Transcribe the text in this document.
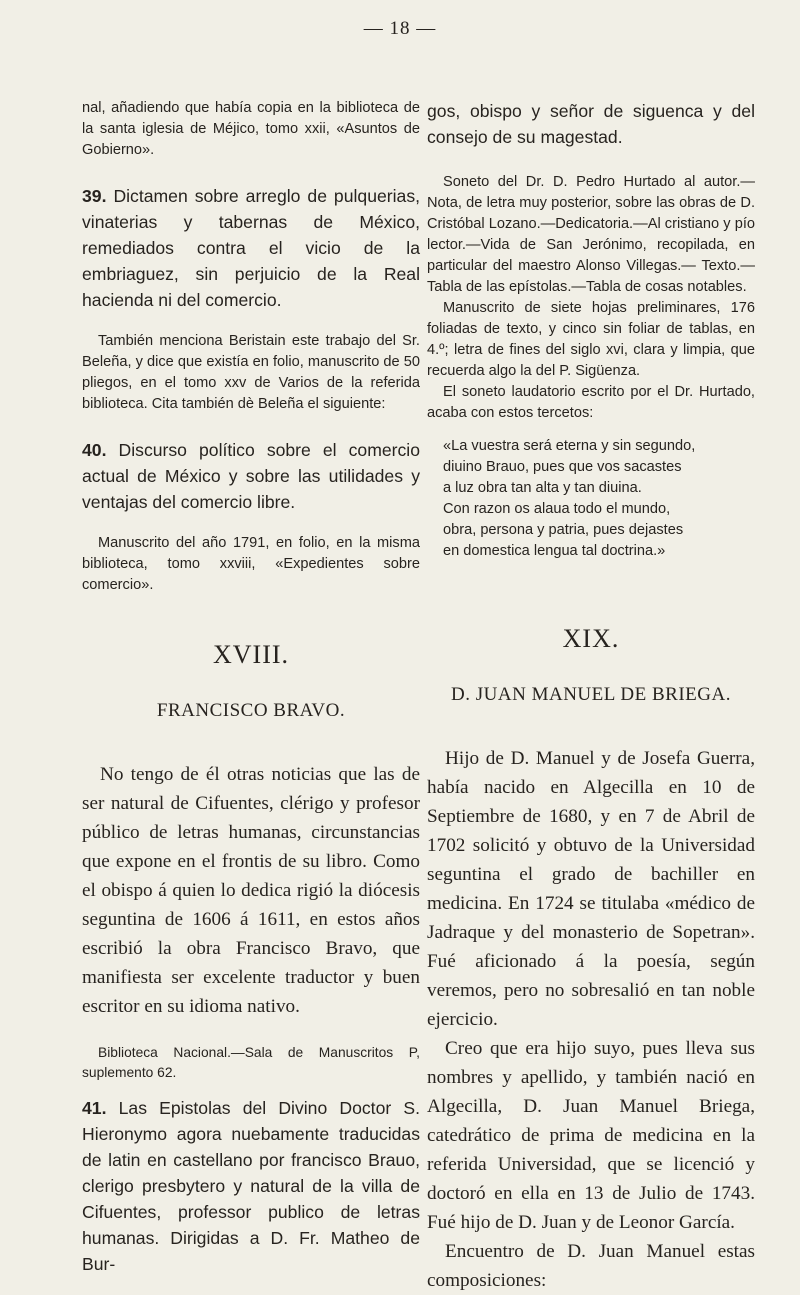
— 18 —

nal, añadiendo que había copia en la biblioteca de la santa iglesia de Méjico, tomo xxii, «Asuntos de Gobierno».

39. Dictamen sobre arreglo de pulquerias, vinaterias y tabernas de México, remediados contra el vicio de la embriaguez, sin perjuicio de la Real hacienda ni del comercio.

También menciona Beristain este trabajo del Sr. Beleña, y dice que existía en folio, manuscrito de 50 pliegos, en el tomo xxv de Varios de la referida biblioteca. Cita también dè Beleña el siguiente:

40. Discurso político sobre el comercio actual de México y sobre las utilidades y ventajas del comercio libre.

Manuscrito del año 1791, en folio, en la misma biblioteca, tomo xxviii, «Expedientes sobre comercio».

XVIII.

FRANCISCO BRAVO.

No tengo de él otras noticias que las de ser natural de Cifuentes, clérigo y profesor público de letras humanas, circunstancias que expone en el frontis de su libro. Como el obispo á quien lo dedica rigió la diócesis seguntina de 1606 á 1611, en estos años escribió la obra Francisco Bravo, que manifiesta ser excelente traductor y buen escritor en su idioma nativo.

Biblioteca Nacional.—Sala de Manuscritos P, suplemento 62.

41. Las Epistolas del Divino Doctor S. Hieronymo agora nuebamente traducidas de latin en castellano por francisco Brauo, clerigo presbytero y natural de la villa de Cifuentes, professor publico de letras humanas. Dirigidas a D. Fr. Matheo de Bur-

gos, obispo y señor de siguenca y del consejo de su magestad.

Soneto del Dr. D. Pedro Hurtado al autor.— Nota, de letra muy posterior, sobre las obras de D. Cristóbal Lozano.—Dedicatoria.—Al cristiano y pío lector.—Vida de San Jerónimo, recopilada, en particular del maestro Alonso Villegas.— Texto.—Tabla de las epístolas.—Tabla de cosas notables.

Manuscrito de siete hojas preliminares, 176 foliadas de texto, y cinco sin foliar de tablas, en 4.º; letra de fines del siglo xvi, clara y limpia, que recuerda algo la del P. Sigüenza.

El soneto laudatorio escrito por el Dr. Hurtado, acaba con estos tercetos:

«La vuestra será eterna y sin segundo,

diuino Brauo, pues que vos sacastes

a luz obra tan alta y tan diuina.

Con razon os alaua todo el mundo,

obra, persona y patria, pues dejastes

en domestica lengua tal doctrina.»

XIX.

D. JUAN MANUEL DE BRIEGA.

Hijo de D. Manuel y de Josefa Guerra, había nacido en Algecilla en 10 de Septiembre de 1680, y en 7 de Abril de 1702 solicitó y obtuvo de la Universidad seguntina el grado de bachiller en medicina. En 1724 se titulaba «médico de Jadraque y del monasterio de Sopetran». Fué aficionado á la poesía, según veremos, pero no sobresalió en tan noble ejercicio.

Creo que era hijo suyo, pues lleva sus nombres y apellido, y también nació en Algecilla, D. Juan Manuel Briega, catedrático de prima de medicina en la referida Universidad, que se licenció y doctoró en ella en 13 de Julio de 1743. Fué hijo de D. Juan y de Leonor García.

Encuentro de D. Juan Manuel estas composiciones:
